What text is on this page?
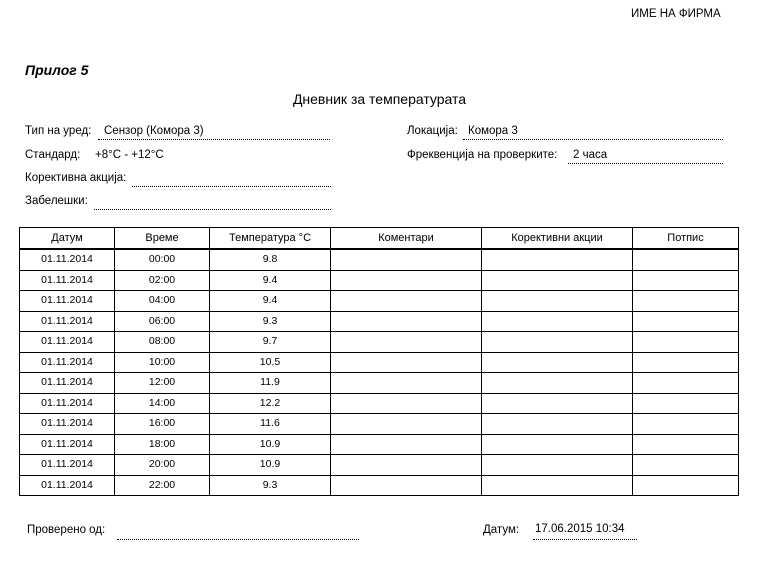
ИМЕ НА ФИРМА
Прилог 5
Дневник за температурата
Тип на уред: Сензор (Комора 3)	Локација: Комора 3
Стандард: +8°C - +12°C	Фреквенција на проверките: 2 часа
Корективна акција:
Забелешки:
Датум	Време	Температура °C	Коментари	Корективни акции	Потпис
01.11.2014	00:00	9.8			
01.11.2014	02:00	9.4			
01.11.2014	04:00	9.4			
01.11.2014	06:00	9.3			
01.11.2014	08:00	9.7			
01.11.2014	10:00	10.5			
01.11.2014	12:00	11.9			
01.11.2014	14:00	12.2			
01.11.2014	16:00	11.6			
01.11.2014	18:00	10.9			
01.11.2014	20:00	10.9			
01.11.2014	22:00	9.3			
Проверено од:	Датум: 17.06.2015 10:34
